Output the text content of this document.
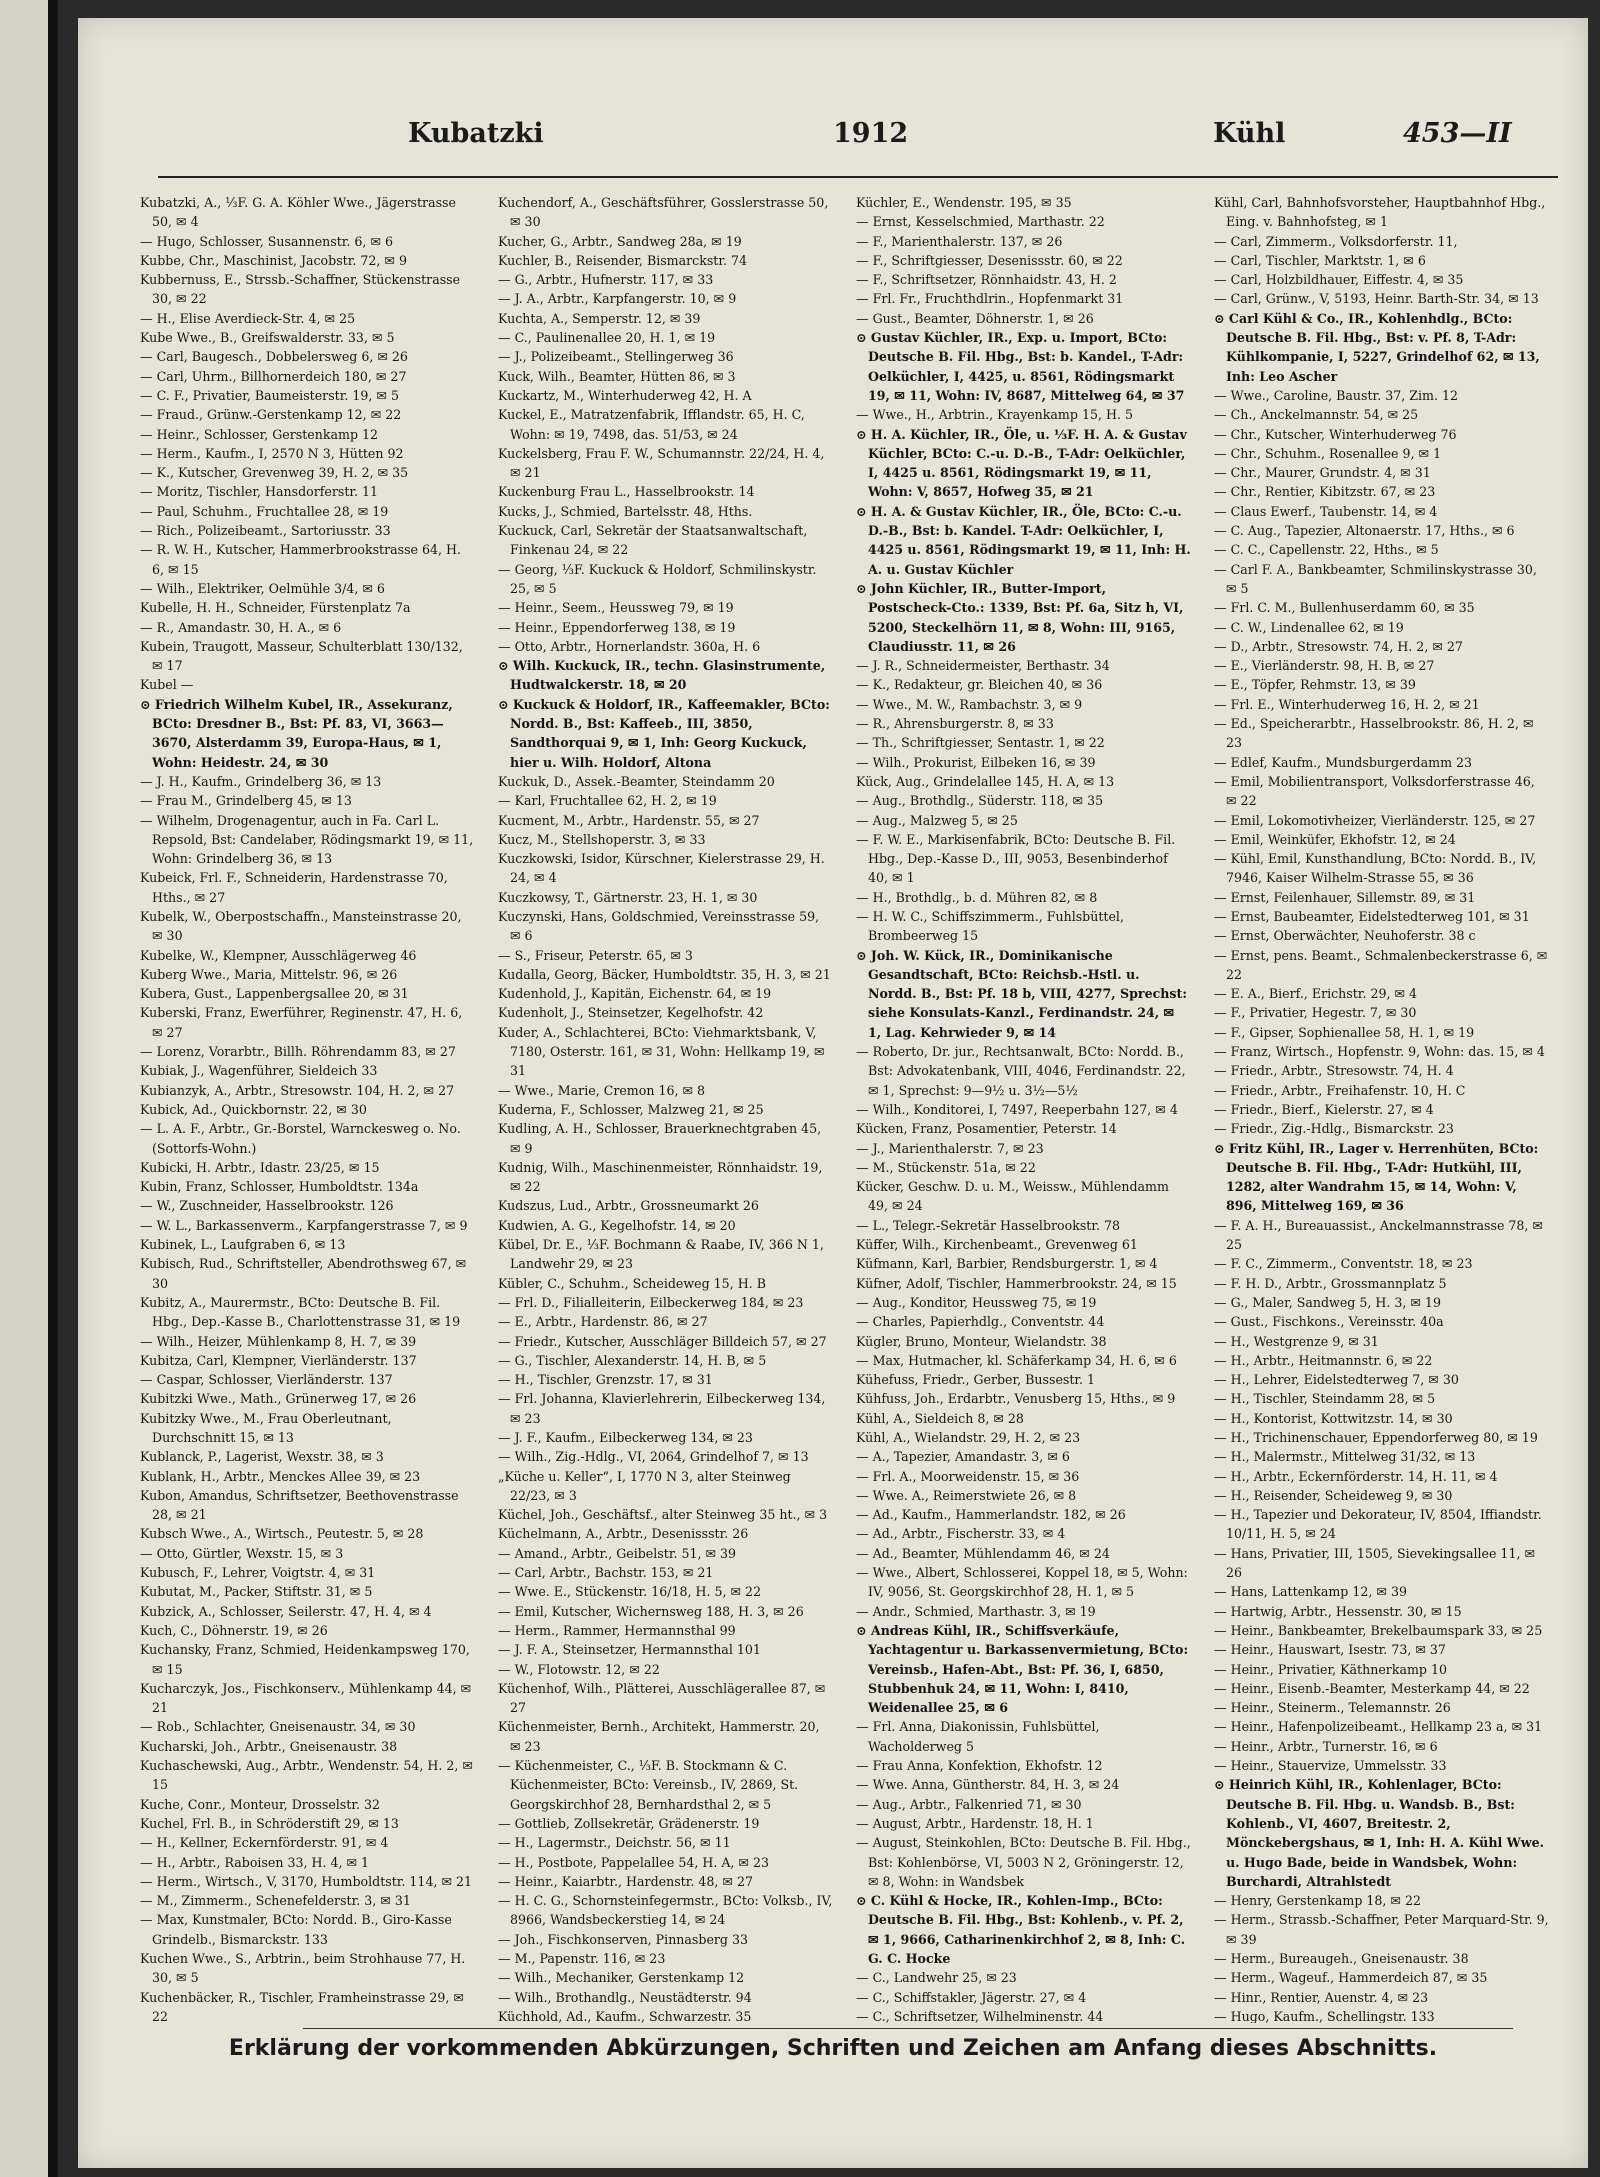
Kubatzki	1912	Kühl	453—II

Kubatzki, A., ⅓F. G. A. Köhler Wwe., Jägerstrasse 50, ✉ 4

— Hugo, Schlosser, Susannenstr. 6, ✉ 6

Kubbe, Chr., Maschinist, Jacobstr. 72, ✉ 9

Kubbernuss, E., Strssb.-Schaffner, Stückenstrasse 30, ✉ 22

— H., Elise Averdieck-Str. 4, ✉ 25

Kube Wwe., B., Greifswalderstr. 33, ✉ 5

— Carl, Baugesch., Dobbelersweg 6, ✉ 26

— Carl, Uhrm., Billhornerdeich 180, ✉ 27

— C. F., Privatier, Baumeisterstr. 19, ✉ 5

— Fraud., Grünw.-Gerstenkamp 12, ✉ 22

— Heinr., Schlosser, Gerstenkamp 12

— Herm., Kaufm., I, 2570 N 3, Hütten 92

— K., Kutscher, Grevenweg 39, H. 2, ✉ 35

— Moritz, Tischler, Hansdorferstr. 11

— Paul, Schuhm., Fruchtallee 28, ✉ 19

— Rich., Polizeibeamt., Sartoriusstr. 33

— R. W. H., Kutscher, Hammerbrookstrasse 64, H. 6, ✉ 15

— Wilh., Elektriker, Oelmühle 3/4, ✉ 6

Kubelle, H. H., Schneider, Fürstenplatz 7a

— R., Amandastr. 30, H. A., ✉ 6

Kubein, Traugott, Masseur, Schulterblatt 130/132, ✉ 17

Kubel —

⊙ Friedrich Wilhelm Kubel, IR., Assekuranz, BCto: Dresdner B., Bst: Pf. 83, VI, 3663—3670, Alsterdamm 39, Europa-Haus, ✉ 1, Wohn: Heidestr. 24, ✉ 30

— J. H., Kaufm., Grindelberg 36, ✉ 13

— Frau M., Grindelberg 45, ✉ 13

— Wilhelm, Drogenagentur, auch in Fa. Carl L. Repsold, Bst: Candelaber, Rödingsmarkt 19, ✉ 11, Wohn: Grindelberg 36, ✉ 13

Kubeick, Frl. F., Schneiderin, Hardenstrasse 70, Hths., ✉ 27

Kubelk, W., Oberpostschaffn., Mansteinstrasse 20, ✉ 30

Kubelke, W., Klempner, Ausschlägerweg 46

Kuberg Wwe., Maria, Mittelstr. 96, ✉ 26

Kubera, Gust., Lappenbergsallee 20, ✉ 31

Kuberski, Franz, Ewerführer, Reginenstr. 47, H. 6, ✉ 27

— Lorenz, Vorarbtr., Billh. Röhrendamm 83, ✉ 27

Kubiak, J., Wagenführer, Sieldeich 33

Kubianzyk, A., Arbtr., Stresowstr. 104, H. 2, ✉ 27

Kubick, Ad., Quickbornstr. 22, ✉ 30

— L. A. F., Arbtr., Gr.-Borstel, Warnckesweg o. No. (Sottorfs-Wohn.)

Kubicki, H. Arbtr., Idastr. 23/25, ✉ 15

Kubin, Franz, Schlosser, Humboldtstr. 134a

— W., Zuschneider, Hasselbrookstr. 126

— W. L., Barkassenverm., Karpfangerstrasse 7, ✉ 9

Kubinek, L., Laufgraben 6, ✉ 13

Kubisch, Rud., Schriftsteller, Abendrothsweg 67, ✉ 30

Kubitz, A., Maurermstr., BCto: Deutsche B. Fil. Hbg., Dep.-Kasse B., Charlottenstrasse 31, ✉ 19

— Wilh., Heizer, Mühlenkamp 8, H. 7, ✉ 39

Kubitza, Carl, Klempner, Vierländerstr. 137

— Caspar, Schlosser, Vierländerstr. 137

Kubitzki Wwe., Math., Grünerweg 17, ✉ 26

Kubitzky Wwe., M., Frau Oberleutnant, Durchschnitt 15, ✉ 13

Kublanck, P., Lagerist, Wexstr. 38, ✉ 3

Kublank, H., Arbtr., Menckes Allee 39, ✉ 23

Kubon, Amandus, Schriftsetzer, Beethovenstrasse 28, ✉ 21

Kubsch Wwe., A., Wirtsch., Peutestr. 5, ✉ 28

— Otto, Gürtler, Wexstr. 15, ✉ 3

Kubusch, F., Lehrer, Voigtstr. 4, ✉ 31

Kubutat, M., Packer, Stiftstr. 31, ✉ 5

Kubzick, A., Schlosser, Seilerstr. 47, H. 4, ✉ 4

Kuch, C., Döhnerstr. 19, ✉ 26

Kuchansky, Franz, Schmied, Heidenkampsweg 170, ✉ 15

Kucharczyk, Jos., Fischkonserv., Mühlenkamp 44, ✉ 21

— Rob., Schlachter, Gneisenaustr. 34, ✉ 30

Kucharski, Joh., Arbtr., Gneisenaustr. 38

Kuchaschewski, Aug., Arbtr., Wendenstr. 54, H. 2, ✉ 15

Kuche, Conr., Monteur, Drosselstr. 32

Kuchel, Frl. B., in Schröderstift 29, ✉ 13

— H., Kellner, Eckernförderstr. 91, ✉ 4

— H., Arbtr., Raboisen 33, H. 4, ✉ 1

— Herm., Wirtsch., V, 3170, Humboldtstr. 114, ✉ 21

— M., Zimmerm., Schenefelderstr. 3, ✉ 31

— Max, Kunstmaler, BCto: Nordd. B., Giro-Kasse Grindelb., Bismarckstr. 133

Kuchen Wwe., S., Arbtrin., beim Strohhause 77, H. 30, ✉ 5

Kuchenbäcker, R., Tischler, Framheinstrasse 29, ✉ 22

Kuchendorf, A., Geschäftsführer, Gosslerstrasse 50, ✉ 30

Kucher, G., Arbtr., Sandweg 28a, ✉ 19

Kuchler, B., Reisender, Bismarckstr. 74

— G., Arbtr., Hufnerstr. 117, ✉ 33

— J. A., Arbtr., Karpfangerstr. 10, ✉ 9

Kuchta, A., Semperstr. 12, ✉ 39

— C., Paulinenallee 20, H. 1, ✉ 19

— J., Polizeibeamt., Stellingerweg 36

Kuck, Wilh., Beamter, Hütten 86, ✉ 3

Kuckartz, M., Winterhuderweg 42, H. A

Kuckel, E., Matratzenfabrik, Ifflandstr. 65, H. C, Wohn: ✉ 19, 7498, das. 51/53, ✉ 24

Kuckelsberg, Frau F. W., Schumannstr. 22/24, H. 4, ✉ 21

Kuckenburg Frau L., Hasselbrookstr. 14

Kucks, J., Schmied, Bartelsstr. 48, Hths.

Kuckuck, Carl, Sekretär der Staatsanwaltschaft, Finkenau 24, ✉ 22

— Georg, ⅓F. Kuckuck & Holdorf, Schmilinskystr. 25, ✉ 5

— Heinr., Seem., Heussweg 79, ✉ 19

— Heinr., Eppendorferweg 138, ✉ 19

— Otto, Arbtr., Hornerlandstr. 360a, H. 6

⊙ Wilh. Kuckuck, IR., techn. Glasinstrumente, Hudtwalckerstr. 18, ✉ 20

⊙ Kuckuck & Holdorf, IR., Kaffeemakler, BCto: Nordd. B., Bst: Kaffeeb., III, 3850, Sandthorquai 9, ✉ 1, Inh: Georg Kuckuck, hier u. Wilh. Holdorf, Altona

Kuckuk, D., Assek.-Beamter, Steindamm 20

— Karl, Fruchtallee 62, H. 2, ✉ 19

Kucment, M., Arbtr., Hardenstr. 55, ✉ 27

Kucz, M., Stellshoperstr. 3, ✉ 33

Kuczkowski, Isidor, Kürschner, Kielerstrasse 29, H. 24, ✉ 4

Kuczkowsy, T., Gärtnerstr. 23, H. 1, ✉ 30

Kuczynski, Hans, Goldschmied, Vereinsstrasse 59, ✉ 6

— S., Friseur, Peterstr. 65, ✉ 3

Kudalla, Georg, Bäcker, Humboldtstr. 35, H. 3, ✉ 21

Kudenhold, J., Kapitän, Eichenstr. 64, ✉ 19

Kudenholt, J., Steinsetzer, Kegelhofstr. 42

Kuder, A., Schlachterei, BCto: Viehmarktsbank, V, 7180, Osterstr. 161, ✉ 31, Wohn: Hellkamp 19, ✉ 31

— Wwe., Marie, Cremon 16, ✉ 8

Kuderna, F., Schlosser, Malzweg 21, ✉ 25

Kudling, A. H., Schlosser, Brauerknechtgraben 45, ✉ 9

Kudnig, Wilh., Maschinenmeister, Rönnhaidstr. 19, ✉ 22

Kudszus, Lud., Arbtr., Grossneumarkt 26

Kudwien, A. G., Kegelhofstr. 14, ✉ 20

Kübel, Dr. E., ⅓F. Bochmann & Raabe, IV, 366 N 1, Landwehr 29, ✉ 23

Kübler, C., Schuhm., Scheideweg 15, H. B

— Frl. D., Filialleiterin, Eilbeckerweg 184, ✉ 23

— E., Arbtr., Hardenstr. 86, ✉ 27

— Friedr., Kutscher, Ausschläger Billdeich 57, ✉ 27

— G., Tischler, Alexanderstr. 14, H. B, ✉ 5

— H., Tischler, Grenzstr. 17, ✉ 31

— Frl. Johanna, Klavierlehrerin, Eilbeckerweg 134, ✉ 23

— J. F., Kaufm., Eilbeckerweg 134, ✉ 23

— Wilh., Zig.-Hdlg., VI, 2064, Grindelhof 7, ✉ 13

„Küche u. Keller“, I, 1770 N 3, alter Steinweg 22/23, ✉ 3

Küchel, Joh., Geschäftsf., alter Steinweg 35 ht., ✉ 3

Küchelmann, A., Arbtr., Desenissstr. 26

— Amand., Arbtr., Geibelstr. 51, ✉ 39

— Carl, Arbtr., Bachstr. 153, ✉ 21

— Wwe. E., Stückenstr. 16/18, H. 5, ✉ 22

— Emil, Kutscher, Wichernsweg 188, H. 3, ✉ 26

— Herm., Rammer, Hermannsthal 99

— J. F. A., Steinsetzer, Hermannsthal 101

— W., Flotowstr. 12, ✉ 22

Küchenhof, Wilh., Plätterei, Ausschlägerallee 87, ✉ 27

Küchenmeister, Bernh., Architekt, Hammerstr. 20, ✉ 23

— Küchenmeister, C., ⅓F. B. Stockmann & C. Küchenmeister, BCto: Vereinsb., IV, 2869, St. Georgskirchhof 28, Bernhardsthal 2, ✉ 5

— Gottlieb, Zollsekretär, Grädenerstr. 19

— H., Lagermstr., Deichstr. 56, ✉ 11

— H., Postbote, Pappelallee 54, H. A, ✉ 23

— Heinr., Kaiarbtr., Hardenstr. 48, ✉ 27

— H. C. G., Schornsteinfegermstr., BCto: Volksb., IV, 8966, Wandsbeckerstieg 14, ✉ 24

— Joh., Fischkonserven, Pinnasberg 33

— M., Papenstr. 116, ✉ 23

— Wilh., Mechaniker, Gerstenkamp 12

— Wilh., Brothandlg., Neustädterstr. 94

Küchhold, Ad., Kaufm., Schwarzestr. 35

Küchler, E., Wendenstr. 195, ✉ 35

— Ernst, Kesselschmied, Marthastr. 22

— F., Marienthalerstr. 137, ✉ 26

— F., Schriftgiesser, Desenissstr. 60, ✉ 22

— F., Schriftsetzer, Rönnhaidstr. 43, H. 2

— Frl. Fr., Fruchthdlrin., Hopfenmarkt 31

— Gust., Beamter, Döhnerstr. 1, ✉ 26

⊙ Gustav Küchler, IR., Exp. u. Import, BCto: Deutsche B. Fil. Hbg., Bst: b. Kandel., T-Adr: Oelküchler, I, 4425, u. 8561, Rödingsmarkt 19, ✉ 11, Wohn: IV, 8687, Mittelweg 64, ✉ 37

— Wwe., H., Arbtrin., Krayenkamp 15, H. 5

⊙ H. A. Küchler, IR., Öle, u. ⅓F. H. A. & Gustav Küchler, BCto: C.-u. D.-B., T-Adr: Oelküchler, I, 4425 u. 8561, Rödingsmarkt 19, ✉ 11, Wohn: V, 8657, Hofweg 35, ✉ 21

⊙ H. A. & Gustav Küchler, IR., Öle, BCto: C.-u. D.-B., Bst: b. Kandel. T-Adr: Oelküchler, I, 4425 u. 8561, Rödingsmarkt 19, ✉ 11, Inh: H. A. u. Gustav Küchler

⊙ John Küchler, IR., Butter-Import, Postscheck-Cto.: 1339, Bst: Pf. 6a, Sitz h, VI, 5200, Steckelhörn 11, ✉ 8, Wohn: III, 9165, Claudiusstr. 11, ✉ 26

— J. R., Schneidermeister, Berthastr. 34

— K., Redakteur, gr. Bleichen 40, ✉ 36

— Wwe., M. W., Rambachstr. 3, ✉ 9

— R., Ahrensburgerstr. 8, ✉ 33

— Th., Schriftgiesser, Sentastr. 1, ✉ 22

— Wilh., Prokurist, Eilbeken 16, ✉ 39

Kück, Aug., Grindelallee 145, H. A, ✉ 13

— Aug., Brothdlg., Süderstr. 118, ✉ 35

— Aug., Malzweg 5, ✉ 25

— F. W. E., Markisenfabrik, BCto: Deutsche B. Fil. Hbg., Dep.-Kasse D., III, 9053, Besenbinderhof 40, ✉ 1

— H., Brothdlg., b. d. Mühren 82, ✉ 8

— H. W. C., Schiffszimmerm., Fuhlsbüttel, Brombeerweg 15

⊙ Joh. W. Kück, IR., Dominikanische Gesandtschaft, BCto: Reichsb.-Hstl. u. Nordd. B., Bst: Pf. 18 b, VIII, 4277, Sprechst: siehe Konsulats-Kanzl., Ferdinandstr. 24, ✉ 1, Lag. Kehrwieder 9, ✉ 14

— Roberto, Dr. jur., Rechtsanwalt, BCto: Nordd. B., Bst: Advokatenbank, VIII, 4046, Ferdinandstr. 22, ✉ 1, Sprechst: 9—9½ u. 3½—5½

— Wilh., Konditorei, I, 7497, Reeperbahn 127, ✉ 4

Kücken, Franz, Posamentier, Peterstr. 14

— J., Marienthalerstr. 7, ✉ 23

— M., Stückenstr. 51a, ✉ 22

Kücker, Geschw. D. u. M., Weissw., Mühlendamm 49, ✉ 24

— L., Telegr.-Sekretär Hasselbrookstr. 78

Küffer, Wilh., Kirchenbeamt., Grevenweg 61

Küfmann, Karl, Barbier, Rendsburgerstr. 1, ✉ 4

Küfner, Adolf, Tischler, Hammerbrookstr. 24, ✉ 15

— Aug., Konditor, Heussweg 75, ✉ 19

— Charles, Papierhdlg., Conventstr. 44

Kügler, Bruno, Monteur, Wielandstr. 38

— Max, Hutmacher, kl. Schäferkamp 34, H. 6, ✉ 6

Kühefuss, Friedr., Gerber, Bussestr. 1

Kühfuss, Joh., Erdarbtr., Venusberg 15, Hths., ✉ 9

Kühl, A., Sieldeich 8, ✉ 28

Kühl, A., Wielandstr. 29, H. 2, ✉ 23

— A., Tapezier, Amandastr. 3, ✉ 6

— Frl. A., Moorweidenstr. 15, ✉ 36

— Wwe. A., Reimerstwiete 26, ✉ 8

— Ad., Kaufm., Hammerlandstr. 182, ✉ 26

— Ad., Arbtr., Fischerstr. 33, ✉ 4

— Ad., Beamter, Mühlendamm 46, ✉ 24

— Wwe., Albert, Schlosserei, Koppel 18, ✉ 5, Wohn: IV, 9056, St. Georgskirchhof 28, H. 1, ✉ 5

— Andr., Schmied, Marthastr. 3, ✉ 19

⊙ Andreas Kühl, IR., Schiffsverkäufe, Yachtagentur u. Barkassenvermietung, BCto: Vereinsb., Hafen-Abt., Bst: Pf. 36, I, 6850, Stubbenhuk 24, ✉ 11, Wohn: I, 8410, Weidenallee 25, ✉ 6

— Frl. Anna, Diakonissin, Fuhlsbüttel, Wacholderweg 5

— Frau Anna, Konfektion, Ekhofstr. 12

— Wwe. Anna, Güntherstr. 84, H. 3, ✉ 24

— Aug., Arbtr., Falkenried 71, ✉ 30

— August, Arbtr., Hardenstr. 18, H. 1

— August, Steinkohlen, BCto: Deutsche B. Fil. Hbg., Bst: Kohlenbörse, VI, 5003 N 2, Gröningerstr. 12, ✉ 8, Wohn: in Wandsbek

⊙ C. Kühl & Hocke, IR., Kohlen-Imp., BCto: Deutsche B. Fil. Hbg., Bst: Kohlenb., v. Pf. 2, ✉ 1, 9666, Catharinenkirchhof 2, ✉ 8, Inh: C. G. C. Hocke

— C., Landwehr 25, ✉ 23

— C., Schiffstakler, Jägerstr. 27, ✉ 4

— C., Schriftsetzer, Wilhelminenstr. 44

Kühl, Carl, Bahnhofsvorsteher, Hauptbahnhof Hbg., Eing. v. Bahnhofsteg, ✉ 1

— Carl, Zimmerm., Volksdorferstr. 11,

— Carl, Tischler, Marktstr. 1, ✉ 6

— Carl, Holzbildhauer, Eiffestr. 4, ✉ 35

— Carl, Grünw., V, 5193, Heinr. Barth-Str. 34, ✉ 13

⊙ Carl Kühl & Co., IR., Kohlenhdlg., BCto: Deutsche B. Fil. Hbg., Bst: v. Pf. 8, T-Adr: Kühlkompanie, I, 5227, Grindelhof 62, ✉ 13, Inh: Leo Ascher

— Wwe., Caroline, Baustr. 37, Zim. 12

— Ch., Anckelmannstr. 54, ✉ 25

— Chr., Kutscher, Winterhuderweg 76

— Chr., Schuhm., Rosenallee 9, ✉ 1

— Chr., Maurer, Grundstr. 4, ✉ 31

— Chr., Rentier, Kibitzstr. 67, ✉ 23

— Claus Ewerf., Taubenstr. 14, ✉ 4

— C. Aug., Tapezier, Altonaerstr. 17, Hths., ✉ 6

— C. C., Capellenstr. 22, Hths., ✉ 5

— Carl F. A., Bankbeamter, Schmilinskystrasse 30, ✉ 5

— Frl. C. M., Bullenhuserdamm 60, ✉ 35

— C. W., Lindenallee 62, ✉ 19

— D., Arbtr., Stresowstr. 74, H. 2, ✉ 27

— E., Vierländerstr. 98, H. B, ✉ 27

— E., Töpfer, Rehmstr. 13, ✉ 39

— Frl. E., Winterhuderweg 16, H. 2, ✉ 21

— Ed., Speicherarbtr., Hasselbrookstr. 86, H. 2, ✉ 23

— Edlef, Kaufm., Mundsburgerdamm 23

— Emil, Mobilientransport, Volksdorferstrasse 46, ✉ 22

— Emil, Lokomotivheizer, Vierländerstr. 125, ✉ 27

— Emil, Weinküfer, Ekhofstr. 12, ✉ 24

— Kühl, Emil, Kunsthandlung, BCto: Nordd. B., IV, 7946, Kaiser Wilhelm-Strasse 55, ✉ 36

— Ernst, Feilenhauer, Sillemstr. 89, ✉ 31

— Ernst, Baubeamter, Eidelstedterweg 101, ✉ 31

— Ernst, Oberwächter, Neuhoferstr. 38 c

— Ernst, pens. Beamt., Schmalenbeckerstrasse 6, ✉ 22

— E. A., Bierf., Erichstr. 29, ✉ 4

— F., Privatier, Hegestr. 7, ✉ 30

— F., Gipser, Sophienallee 58, H. 1, ✉ 19

— Franz, Wirtsch., Hopfenstr. 9, Wohn: das. 15, ✉ 4

— Friedr., Arbtr., Stresowstr. 74, H. 4

— Friedr., Arbtr., Freihafenstr. 10, H. C

— Friedr., Bierf., Kielerstr. 27, ✉ 4

— Friedr., Zig.-Hdlg., Bismarckstr. 23

⊙ Fritz Kühl, IR., Lager v. Herrenhüten, BCto: Deutsche B. Fil. Hbg., T-Adr: Hutkühl, III, 1282, alter Wandrahm 15, ✉ 14, Wohn: V, 896, Mittelweg 169, ✉ 36

— F. A. H., Bureauassist., Anckelmannstrasse 78, ✉ 25

— F. C., Zimmerm., Conventstr. 18, ✉ 23

— F. H. D., Arbtr., Grossmannplatz 5

— G., Maler, Sandweg 5, H. 3, ✉ 19

— Gust., Fischkons., Vereinsstr. 40a

— H., Westgrenze 9, ✉ 31

— H., Arbtr., Heitmannstr. 6, ✉ 22

— H., Lehrer, Eidelstedterweg 7, ✉ 30

— H., Tischler, Steindamm 28, ✉ 5

— H., Kontorist, Kottwitzstr. 14, ✉ 30

— H., Trichinenschauer, Eppendorferweg 80, ✉ 19

— H., Malermstr., Mittelweg 31/32, ✉ 13

— H., Arbtr., Eckernförderstr. 14, H. 11, ✉ 4

— H., Reisender, Scheideweg 9, ✉ 30

— H., Tapezier und Dekorateur, IV, 8504, Iffiandstr. 10/11, H. 5, ✉ 24

— Hans, Privatier, III, 1505, Sievekingsallee 11, ✉ 26

— Hans, Lattenkamp 12, ✉ 39

— Hartwig, Arbtr., Hessenstr. 30, ✉ 15

— Heinr., Bankbeamter, Brekelbaumspark 33, ✉ 25

— Heinr., Hauswart, Isestr. 73, ✉ 37

— Heinr., Privatier, Käthnerkamp 10

— Heinr., Eisenb.-Beamter, Mesterkamp 44, ✉ 22

— Heinr., Steinerm., Telemannstr. 26

— Heinr., Hafenpolizeibeamt., Hellkamp 23 a, ✉ 31

— Heinr., Arbtr., Turnerstr. 16, ✉ 6

— Heinr., Stauervize, Ummelsstr. 33

⊙ Heinrich Kühl, IR., Kohlenlager, BCto: Deutsche B. Fil. Hbg. u. Wandsb. B., Bst: Kohlenb., VI, 4607, Breitestr. 2, Mönckebergshaus, ✉ 1, Inh: H. A. Kühl Wwe. u. Hugo Bade, beide in Wandsbek, Wohn: Burchardi, Altrahlstedt

— Henry, Gerstenkamp 18, ✉ 22

— Herm., Strassb.-Schaffner, Peter Marquard-Str. 9, ✉ 39

— Herm., Bureaugeh., Gneisenaustr. 38

— Herm., Wageuf., Hammerdeich 87, ✉ 35

— Hinr., Rentier, Auenstr. 4, ✉ 23

— Hugo, Kaufm., Schellingstr. 133

Erklärung der vorkommenden Abkürzungen, Schriften und Zeichen am Anfang dieses Abschnitts.
